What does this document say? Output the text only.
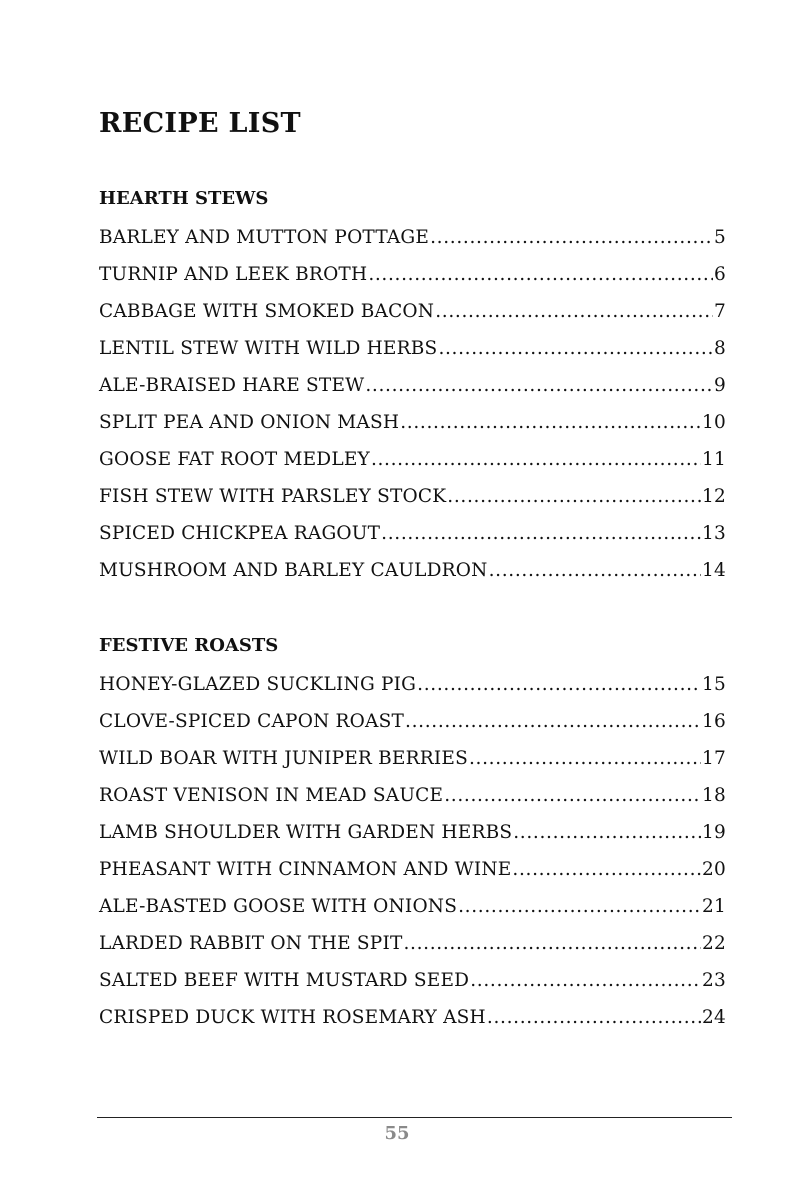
RECIPE LIST
HEARTH STEWS
BARLEY AND MUTTON POTTAGE . . .	5
TURNIP AND LEEK BROTH . . .	6
CABBAGE WITH SMOKED BACON . . .	7
LENTIL STEW WITH WILD HERBS . . .	8
ALE-BRAISED HARE STEW . . .	9
SPLIT PEA AND ONION MASH . . .	10
GOOSE FAT ROOT MEDLEY . . .	11
FISH STEW WITH PARSLEY STOCK . . .	12
SPICED CHICKPEA RAGOUT . . .	13
MUSHROOM AND BARLEY CAULDRON . . .	14
FESTIVE ROASTS
HONEY-GLAZED SUCKLING PIG . . .	15
CLOVE-SPICED CAPON ROAST . . .	16
WILD BOAR WITH JUNIPER BERRIES . . .	17
ROAST VENISON IN MEAD SAUCE . . .	18
LAMB SHOULDER WITH GARDEN HERBS . . .	19
PHEASANT WITH CINNAMON AND WINE . . .	20
ALE-BASTED GOOSE WITH ONIONS . . .	21
LARDED RABBIT ON THE SPIT . . .	22
SALTED BEEF WITH MUSTARD SEED . . .	23
CRISPED DUCK WITH ROSEMARY ASH . . .	24
55
